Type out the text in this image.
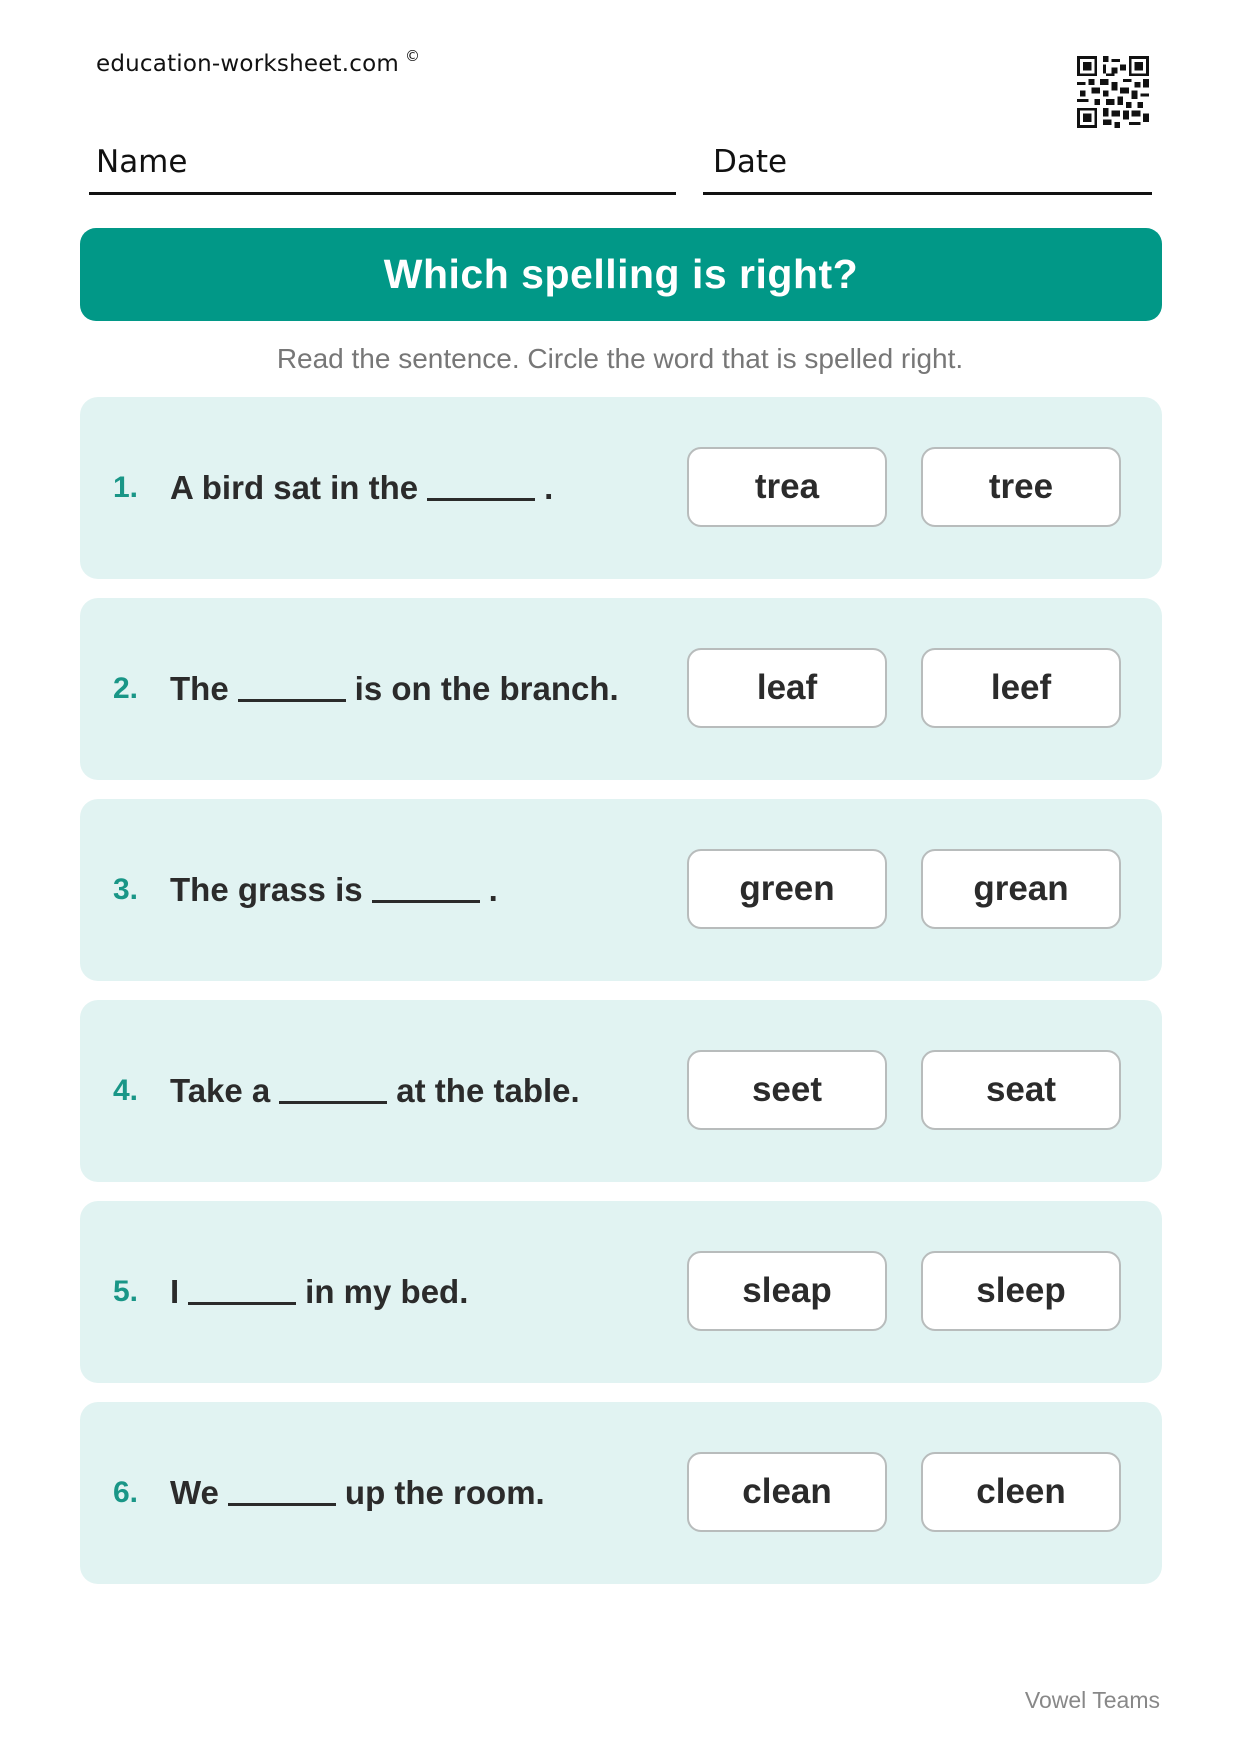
education-worksheet.com ©
Name	Date
Which spelling is right?
Read the sentence. Circle the word that is spelled right.
1. A bird sat in the	.	trea	tree
2. The	is on the branch.	leaf	leef
3. The grass is	.	green	grean
4. Take a	at the table.	seet	seat
5. I	in my bed.	sleap	sleep
6. We	up the room.	clean	cleen
Vowel Teams
